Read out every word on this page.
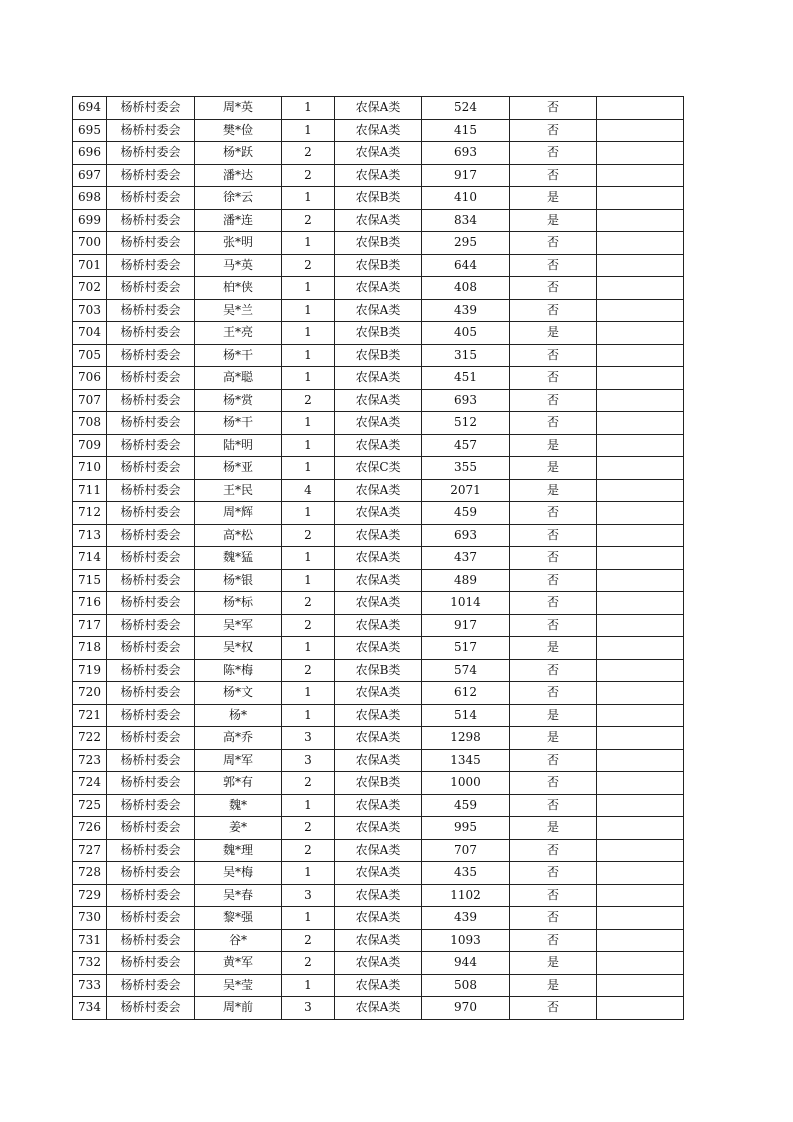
694	杨桥村委会	周*英	1	农保A类	524	否	
695	杨桥村委会	樊*俭	1	农保A类	415	否	
696	杨桥村委会	杨*跃	2	农保A类	693	否	
697	杨桥村委会	潘*达	2	农保A类	917	否	
698	杨桥村委会	徐*云	1	农保B类	410	是	
699	杨桥村委会	潘*连	2	农保A类	834	是	
700	杨桥村委会	张*明	1	农保B类	295	否	
701	杨桥村委会	马*英	2	农保B类	644	否	
702	杨桥村委会	柏*侠	1	农保A类	408	否	
703	杨桥村委会	吴*兰	1	农保A类	439	否	
704	杨桥村委会	王*亮	1	农保B类	405	是	
705	杨桥村委会	杨*干	1	农保B类	315	否	
706	杨桥村委会	高*聪	1	农保A类	451	否	
707	杨桥村委会	杨*赏	2	农保A类	693	否	
708	杨桥村委会	杨*干	1	农保A类	512	否	
709	杨桥村委会	陆*明	1	农保A类	457	是	
710	杨桥村委会	杨*亚	1	农保C类	355	是	
711	杨桥村委会	王*民	4	农保A类	2071	是	
712	杨桥村委会	周*辉	1	农保A类	459	否	
713	杨桥村委会	高*松	2	农保A类	693	否	
714	杨桥村委会	魏*猛	1	农保A类	437	否	
715	杨桥村委会	杨*银	1	农保A类	489	否	
716	杨桥村委会	杨*标	2	农保A类	1014	否	
717	杨桥村委会	吴*军	2	农保A类	917	否	
718	杨桥村委会	吴*权	1	农保A类	517	是	
719	杨桥村委会	陈*梅	2	农保B类	574	否	
720	杨桥村委会	杨*文	1	农保A类	612	否	
721	杨桥村委会	杨*	1	农保A类	514	是	
722	杨桥村委会	高*乔	3	农保A类	1298	是	
723	杨桥村委会	周*军	3	农保A类	1345	否	
724	杨桥村委会	郭*有	2	农保B类	1000	否	
725	杨桥村委会	魏*	1	农保A类	459	否	
726	杨桥村委会	姜*	2	农保A类	995	是	
727	杨桥村委会	魏*理	2	农保A类	707	否	
728	杨桥村委会	吴*梅	1	农保A类	435	否	
729	杨桥村委会	吴*春	3	农保A类	1102	否	
730	杨桥村委会	黎*强	1	农保A类	439	否	
731	杨桥村委会	谷*	2	农保A类	1093	否	
732	杨桥村委会	黄*军	2	农保A类	944	是	
733	杨桥村委会	吴*莹	1	农保A类	508	是	
734	杨桥村委会	周*前	3	农保A类	970	否	
